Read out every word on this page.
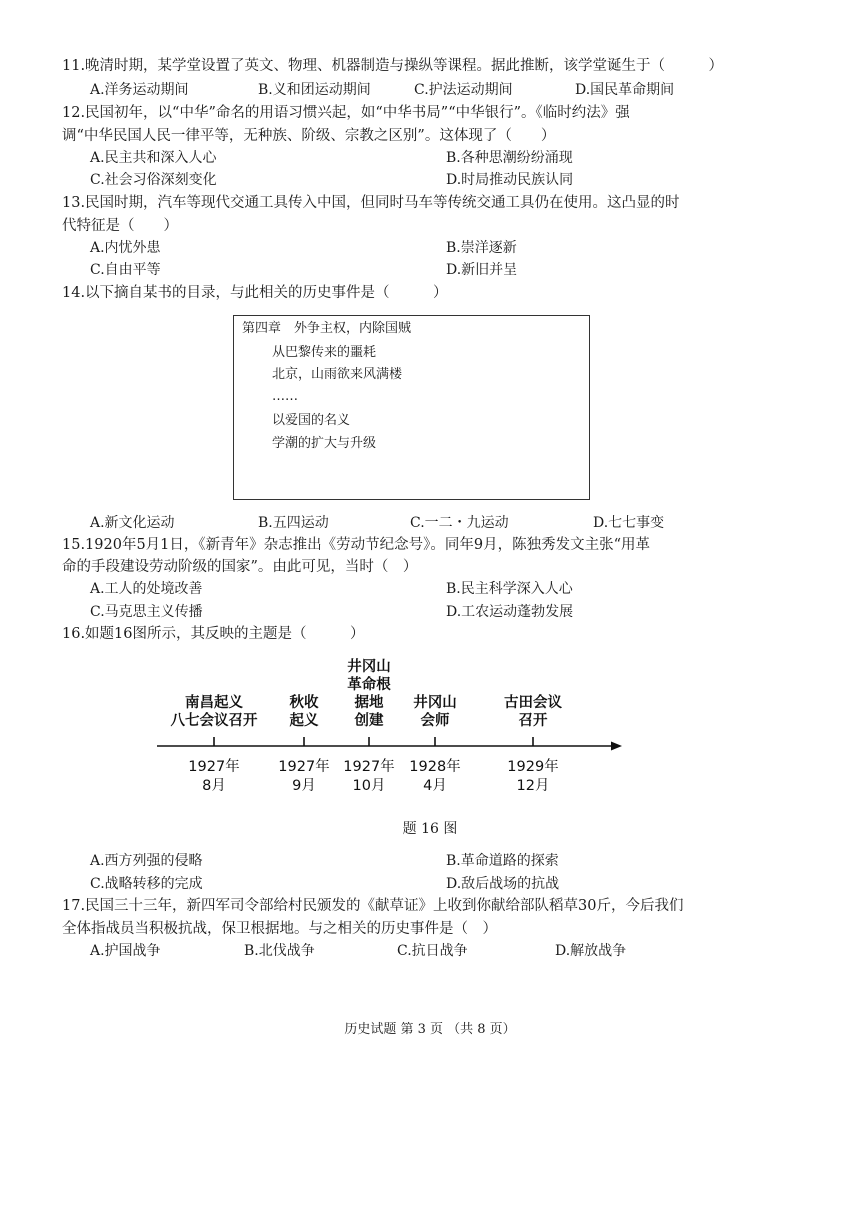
11.晚清时期，某学堂设置了英文、物理、机器制造与操纵等课程。据此推断，该学堂诞生于（　　　）
A.洋务运动期间	B.义和团运动期间	C.护法运动期间	D.国民革命期间
12.民国初年，以“中华”命名的用语习惯兴起，如“中华书局”“中华银行”。《临时约法》强
调“中华民国人民一律平等，无种族、阶级、宗教之区别”。这体现了（　　）
A.民主共和深入人心	B.各种思潮纷纷涌现
C.社会习俗深刻变化	D.时局推动民族认同
13.民国时期，汽车等现代交通工具传入中国，但同时马车等传统交通工具仍在使用。这凸显的时
代特征是（　　）
A.内忧外患	B.崇洋逐新
C.自由平等	D.新旧并呈
14.以下摘自某书的目录，与此相关的历史事件是（　　　）
第四章　外争主权，内除国贼
从巴黎传来的噩耗
北京，山雨欲来风满楼
……
以爱国的名义
学潮的扩大与升级
A.新文化运动	B.五四运动	C.一二・九运动	D.七七事变
15.1920年5月1日，《新青年》杂志推出《劳动节纪念号》。同年9月，陈独秀发文主张“用革
命的手段建设劳动阶级的国家”。由此可见，当时（　）
A.工人的处境改善	B.民主科学深入人心
C.马克思主义传播	D.工农运动蓬勃发展
16.如题16图所示，其反映的主题是（　　　）
南昌起义
八七会议召开
秋收
起义
井冈山
革命根
据地
创建
井冈山
会师
古田会议
召开
1927年
8月
1927年
9月
1927年
10月
1928年
4月
1929年
12月
题 16 图
A.西方列强的侵略	B.革命道路的探索
C.战略转移的完成	D.敌后战场的抗战
17.民国三十三年，新四军司令部给村民颁发的《献草证》上收到你献给部队稻草30斤，今后我们
全体指战员当积极抗战，保卫根据地。与之相关的历史事件是（　）
A.护国战争	B.北伐战争	C.抗日战争	D.解放战争
历史试题 第 3 页 （共 8 页）
